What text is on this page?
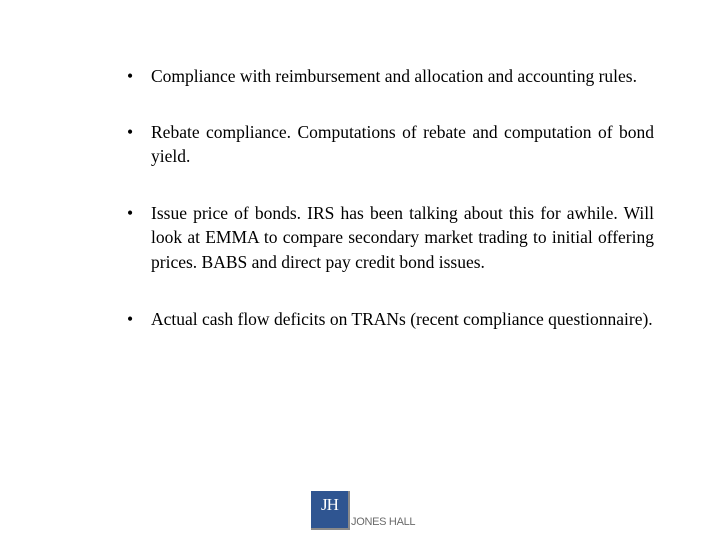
• Compliance with reimbursement and allocation and accounting rules.
• Rebate compliance. Computations of rebate and computation of bond yield.
• Issue price of bonds. IRS has been talking about this for awhile. Will look at EMMA to compare secondary market trading to initial offering prices. BABS and direct pay credit bond issues.
• Actual cash flow deficits on TRANs (recent compliance questionnaire).
JH
JONES HALL
